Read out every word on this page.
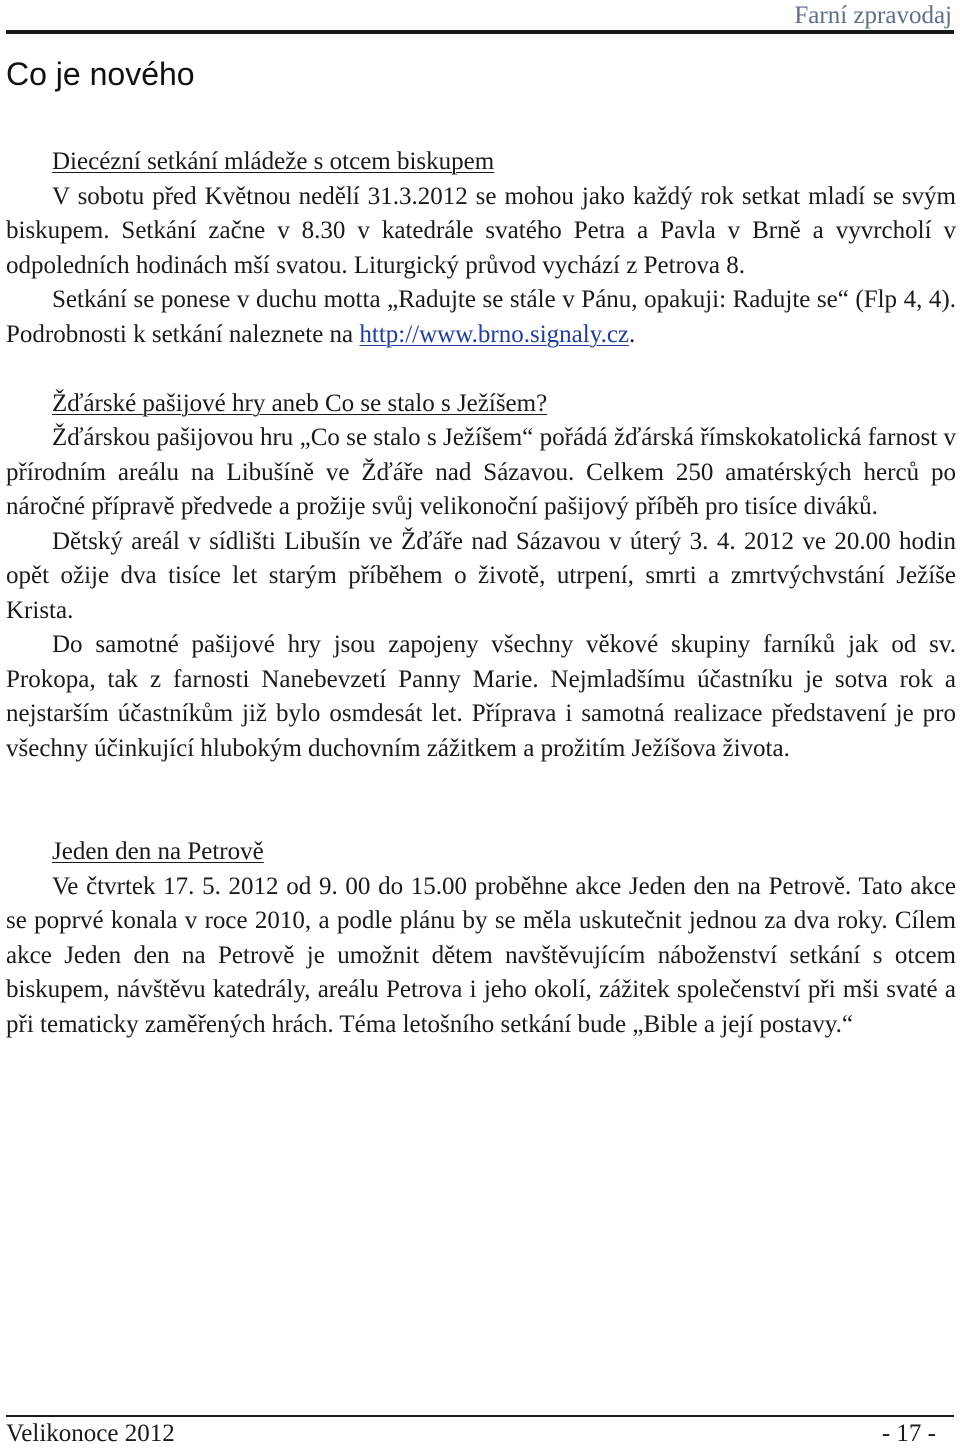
Farní zpravodaj
Co je nového

Diecézní setkání mládeže s otcem biskupem

V sobotu před Květnou nedělí 31.3.2012 se mohou jako každý rok setkat mladí se svým biskupem. Setkání začne v 8.30 v katedrále svatého Petra a Pavla v Brně a vyvrcholí v odpoledních hodinách mší svatou. Liturgický průvod vychází z Petrova 8.

Setkání se ponese v duchu motta „Radujte se stále v Pánu, opakuji: Radujte se“ (Flp 4, 4). Podrobnosti k setkání naleznete na http://www.brno.signaly.cz.

Žďárské pašijové hry aneb Co se stalo s Ježíšem?

Žďárskou pašijovou hru „Co se stalo s Ježíšem“ pořádá žďárská římskokatolická farnost v přírodním areálu na Libušíně ve Žďáře nad Sázavou. Celkem 250 amatérských herců po náročné přípravě předvede a prožije svůj velikonoční pašijový příběh pro tisíce diváků.

Dětský areál v sídlišti Libušín ve Žďáře nad Sázavou v úterý 3. 4. 2012 ve 20.00 hodin opět ožije dva tisíce let starým příběhem o životě, utrpení, smrti a zmrtvýchvstání Ježíše Krista.

Do samotné pašijové hry jsou zapojeny všechny věkové skupiny farníků jak od sv. Prokopa, tak z farnosti Nanebevzetí Panny Marie. Nejmladšímu účastníku je sotva rok a nejstarším účastníkům již bylo osmdesát let. Příprava i samotná realizace představení je pro všechny účinkující hlubokým duchovním zážitkem a prožitím Ježíšova života.

Jeden den na Petrově

Ve čtvrtek 17. 5. 2012 od 9. 00 do 15.00 proběhne akce Jeden den na Petrově. Tato akce se poprvé konala v roce 2010, a podle plánu by se měla uskutečnit jednou za dva roky. Cílem akce Jeden den na Petrově je umožnit dětem navštěvujícím náboženství setkání s otcem biskupem, návštěvu katedrály, areálu Petrova i jeho okolí, zážitek společenství při mši svaté a při tematicky zaměřených hrách. Téma letošního setkání bude „Bible a její postavy.“

Velikonoce 2012	- 17 -
